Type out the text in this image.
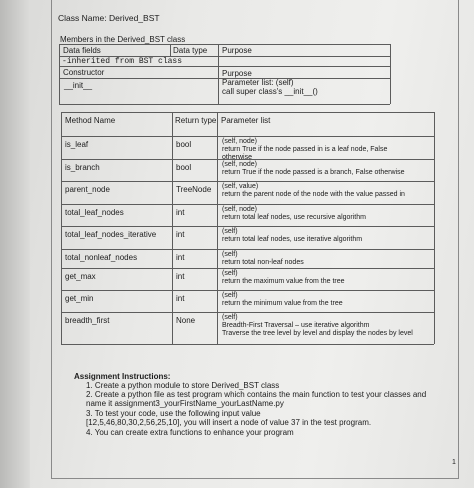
Class Name: Derived_BST
Members in the Derived_BST class
Data fields	Data type Purpose
-inherited from BST class
Constructor
__init__
Purpose
Parameter list: (self)
call super class's __init__()
Method Name	Return type Parameter list
is_leaf	bool	(self, node)
return True if the node passed in is a leaf node, False
otherwise
is_branch	bool	(self, node)
return True if the node passed is a branch, False otherwise
parent_node	TreeNode (self, value)
return the parent node of the node with the value passed in
total_leaf_nodes	int	(self, node)
return total leaf nodes, use recursive algorithm
total_leaf_nodes_iterative int	(self)
return total leaf nodes, use iterative algorithm
total_nonleaf_nodes	int	(self)
return total non-leaf nodes
get_max	int	(self)
return the maximum value from the tree
get_min	int	(self)
return the minimum value from the tree
breadth_first	None	(self)
Breadth-First Traversal – use iterative algorithm
Traverse the tree level by level and display the nodes by level
Assignment Instructions:
1. Create a python module to store Derived_BST class
2. Create a python file as test program which contains the main function to test your classes and
name it assignment3_yourFirstName_yourLastName.py
3. To test your code, use the following input value
[12,5,46,80,30,2,56,25,10], you will insert a node of value 37 in the test program.
4. You can create extra functions to enhance your program
1
